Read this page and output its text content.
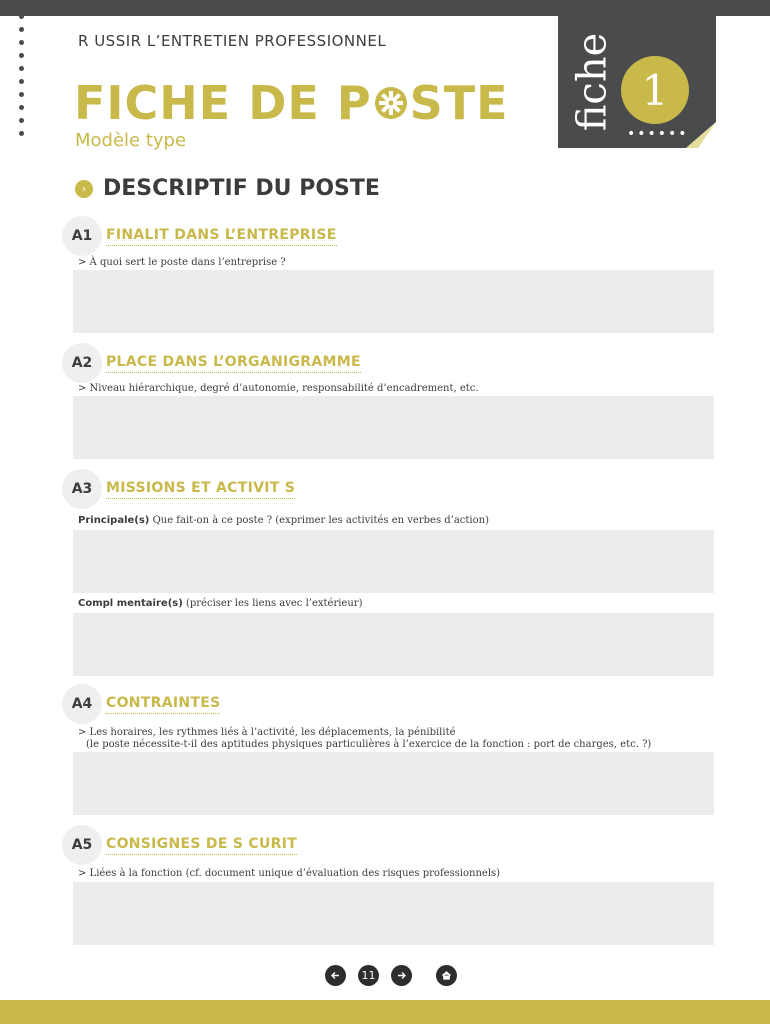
R USSIR L’ENTRETIEN PROFESSIONNEL
FICHE DE P STE
Modèle type
fiche 1
••••••
› DESCRIPTIF DU POSTE
A1 FINALIT DANS L’ENTREPRISE
> À quoi sert le poste dans l’entreprise ?
A2 PLACE DANS L’ORGANIGRAMME
> Niveau hiérarchique, degré d’autonomie, responsabilité d’encadrement, etc.
A3 MISSIONS ET ACTIVIT S
Principale(s) Que fait-on à ce poste ? (exprimer les activités en verbes d’action)
Compl mentaire(s) (préciser les liens avec l’extérieur)
A4 CONTRAINTES
> Les horaires, les rythmes liés à l’activité, les déplacements, la pénibilité
(le poste nécessite-t-il des aptitudes physiques particulières à l’exercice de la fonction : port de charges, etc. ?)
A5 CONSIGNES DE S CURIT
> Liées à la fonction (cf. document unique d’évaluation des risques professionnels)
11
